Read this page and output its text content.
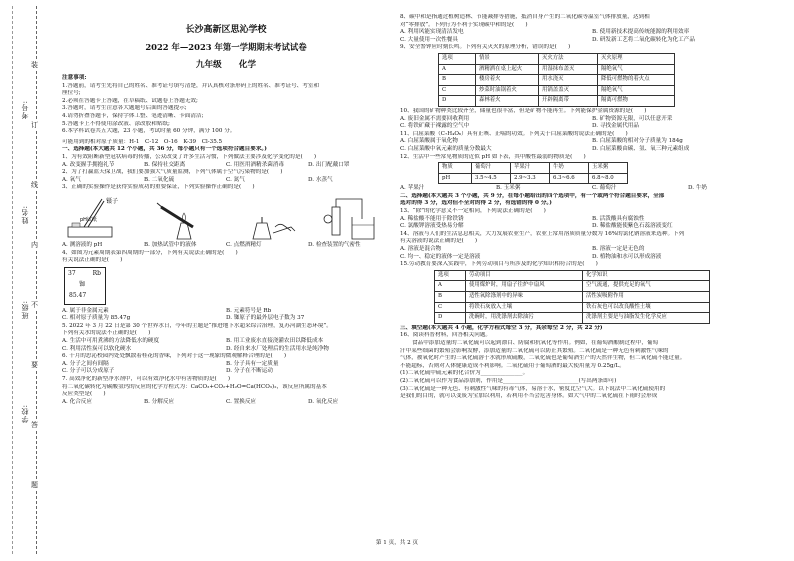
学校:
班级:
姓名:
考号:
装
订
线
内
不
要
答
题
长沙高新区思沁学校
2022 年—2023 年第一学期期末考试试卷
九年级　　化学
注意事项:
1.答题前，请考生先将自己的姓名、准考证号填写清楚，并认真核对条形码上的姓名、准考证号、考室和
座位号;
2.必须在答题卡上答题，在草稿纸、试题卷上答题无效;
3.答题时，请考生注意各大题题号后面的答题提示;
4.请勿折叠答题卡，保持字体工整、笔迹清晰、卡面清洁;
5.答题卡上不得使用涂改液、涂改胶和贴纸;
6.本学科试卷共五大题，23 小题，考试时量 60 分钟，满分 100 分。
可能用到的相对原子质量：H-1　C-12　O-16　K-39　Cl-35.5
一、选择题(本大题共 12 个小题，共 36 分，每小题只有一个选项符合题目要求。)
1、为有效阻断新型冠状病毒的传播，公众改变了许多生活习惯，下列做法主要涉及化学变化的是(　　)
A. 改变握手拥抱礼节	B. 保持社交距离	C. 用医用酒精杀菌消毒	D. 出门配戴口罩
2、为了打赢蓝天保卫战，我们要加强大气质量监测，下列气体属于空气污染物的是(　　)
A. 氧气	B. 二氧化硫	C. 氮气	D. 水蒸气
3、正确的实验操作是获得实验成功的重要保证，下列实验操作正确的是(　　)
镊子
pH试纸
A. 测溶液的 pH	B. 加热试管中的液体	C. 点燃酒精灯	D. 检查装置的气密性
4、如图为元素周期表第四周期的一部分，下列有关说法正确的是(　　)
有关说法正确的是(　　)
37	Rb
铷
85.47
A. 属于非金属元素	B. 元素符号是 Rb
C. 相对原子质量为 85.47g	D. 铷原子的最外层电子数为 37
5. 2022 年 3 月 22 日是第 30 个世界水日，今年的主题是“推进地下水超采综合治理，复苏河湖生态环境”。
下列有关水的说法不正确的是(　　)
A. 生活中可用煮沸的方法降低水的硬度	B. 用工业废水直接浇灌农田以降低成本
C. 利用活性炭可以软化硬水	D. 经自来水厂处理后的生活用水是纯净物
6. 十月的思沁校园内处处飘散着桂花的香味，下列对于这一现象的微观解释合理的是(　　)
A. 分子之间有间隔	B. 分子具有一定质量
C. 分子可以分成原子	D. 分子在不断运动
7. 高效净化的新型净水剂中，可以有效净化水中有害物质的是(　　)
将二氧化碳转化为碳酸氢钙的反应的化学方程式为：CaCO₃+CO₂+H₂O=Ca(HCO₃)₂，该反应所属的基本
反应类型是(　　)
A. 化合反应	B. 分解反应	C. 置换反应	D. 氧化反应
8、碳中和是指通过植树造林、节能减排等措施，抵消自身产生的二氧化碳等温室气体排放量，达到相
对“零排放”。下列行为不利于实现碳中和的是(　　)
A. 利用风能实现清洁发电	B. 使用新技术提高传统能源的利用效率
C. 大量使用一次性餐具	D. 研发新工艺将二氧化碳转化为化工产品
9、安全警钟应时刻长鸣。下列有关灭火的原理分析，错误的是(　　)
选项	情景	灭火方法	灭火原理
A	酒精洒在桌上起火	用湿抹布盖灭	隔绝氧气
B	楼房着火	用水浇灭	降低可燃物的着火点
C	炒菜时油锅着火	用锅盖盖灭	隔绝氧气
D	森林着火	开辟隔离带	隔离可燃物
10、我国的矿物种类比较齐全，储量也很丰富，但是矿物不能再生。下列能保护金属资源的是(　　)
A. 废旧金属不需要回收利用	B. 矿物资源无限，可以任意开采
C. 将铁矿藏于裸露的空气中	D. 寻找金属代用品
11、白屈菜酸（C₇H₄O₆）具有止咳、止喘的功效。下列关于白屈菜酸的说法正确的是(　　)
A. 白屈菜酸属于氧化物	B. 白屈菜酸的相对分子质量为 184g
C. 白屈菜酸中氧元素的质量分数最大	D. 白屈菜酸由碳、氢、氧三种元素组成
12、生活中一些常见物质的近似 pH 如下表，其中酸性最弱的物质是(　　)
物质	葡萄汁	苹果汁	牛奶	玉米粥
pH	3.5~4.5	2.9~3.3	6.3~6.6	6.8~8.0
A. 苹果汁	B. 玉米粥	C. 葡萄汁	D. 牛奶
二、选择题(本大题共 3 个小题，共 9 分，在每小题给出的四个选项中，有一个或两个符合题目要求，全部
选对的得 3 分，选对但不全对的得 2 分，有选错的得 0 分。)
13、“除”的化学意义不一定相同，下列说法正确的是(　　)
A. 稀盐酸不能用于除铁锈	B. 活泼酸具有腐蚀性
C. 氯酸钾溶液受热易分解	D. 稀盐酸能使紫色石蕊溶液变红
14、溶液与人们的生活息息相关，大力发展农业生产，农业上常用溶质质量分数为 16%的氯化钠溶液来选种。下列
有关溶液的说法正确的是(　　)
A. 溶液是混合物	B. 溶液一定是无色的
C. 均一、稳定的液体一定是溶液	D. 植物油和水可以形成溶液
15.劳动教育要深入实践中，下列劳动项目与所涉及的化学知识相符合的是(　　)
选项	劳动项目	化学知识
A	使用煤炉时，用扇子往炉中扇风	空气流通，提供充足的氧气
B	适性氧除涤剂中的异味	活性炭吸附作用
C	将铁石灰放入土壤	铁石灰也可以改良酸性土壤
D	洗碗时，用洗涤剂去除油污	洗涤剂主要是与油脂发生化学反应
三、填空题(本大题共 4 小题，化学方程式每空 3 分，其余每空 2 分，共 22 分)
16、阅读科普材料，回答相关问题。
食品中添加适量的二氧化硫可以起到漂白、防腐和抗氧化等作用。例如，在葡萄酒酿制过程中，葡萄
汁中某些细菌的繁殖会影响发酵，添加适量的二氧化硫可以防止其繁殖。二氧化硫是一种无色有刺激性气味的
气体，被氧化时产生的三氧化硫溶于水就形成硫酸，二氧化硫也是葡萄酒生产的天然伴生物，但二氧化硫不能过量。
不能超标，否则对人体健康造成不利影响。二氧化硫用于葡萄酒的最大使用量为 0.25g/L。
(1)二氧化硫中硫元素的化合价为_______________。
(2)二氧化硫可以作为食品添加剂，作用是___________________________(写出两条即可)
(3)二氧化硫是一种无色、有刺激性气味的有毒气体，易溶于水，密度比空气大。以下说法中二氧化硫使用的
是我们的目的，就可以变废为宝加以利用，若利用不当会危害身体。如大气中的二氧化硫在下雨时会形成
第 1 页，共 2 页
